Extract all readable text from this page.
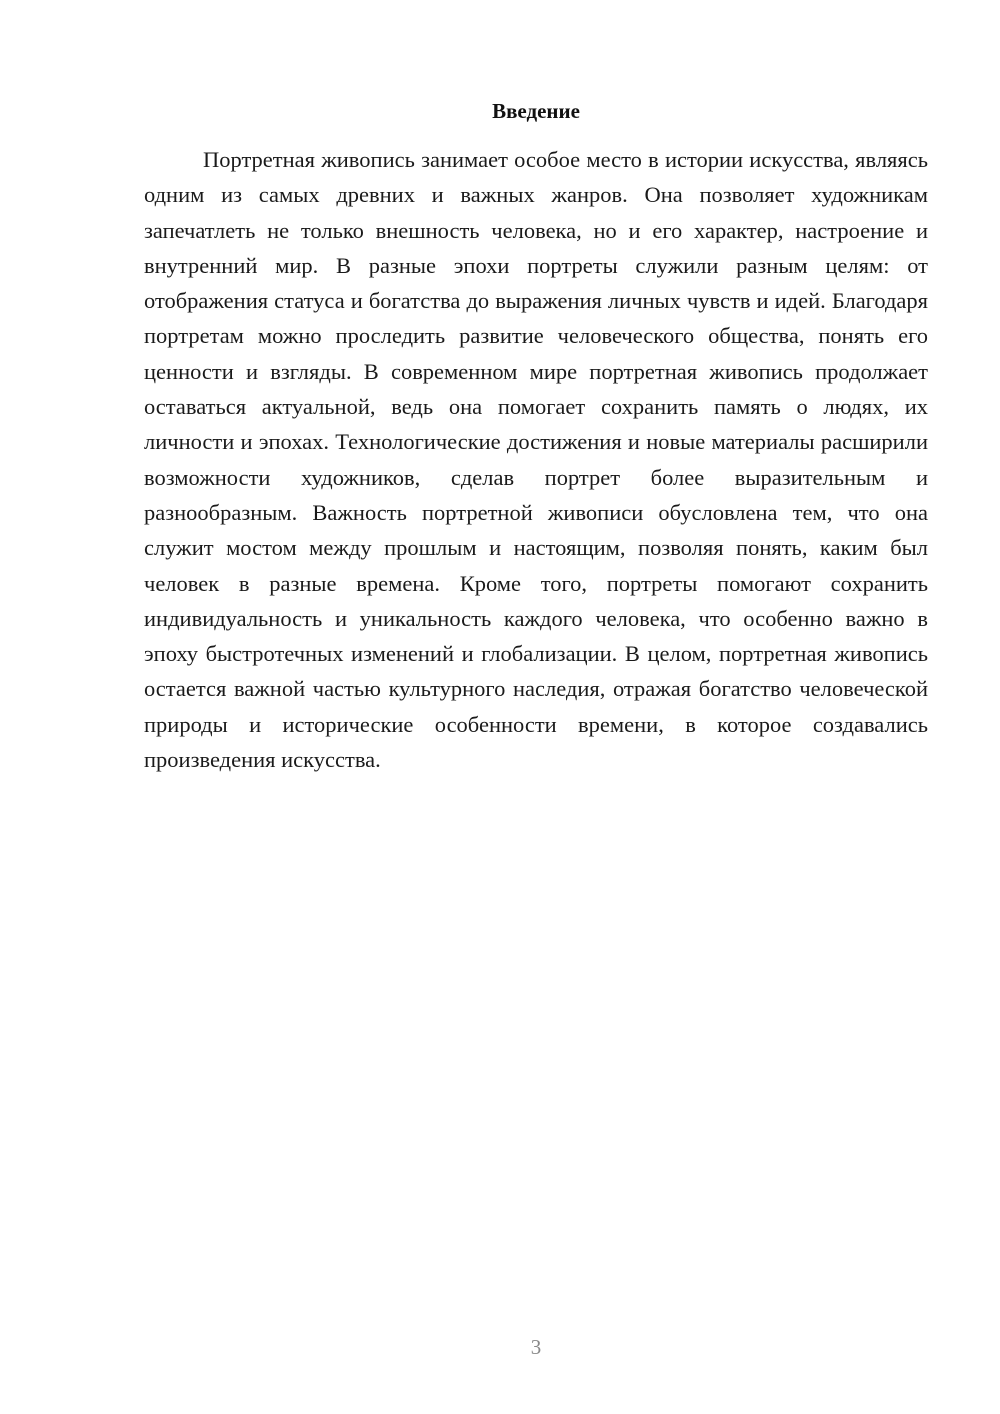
Введение

Портретная живопись занимает особое место в истории искусства, являясь одним из самых древних и важных жанров. Она позволяет художникам запечатлеть не только внешность человека, но и его характер, настроение и внутренний мир. В разные эпохи портреты служили разным целям: от отображения статуса и богатства до выражения личных чувств и идей. Благодаря портретам можно проследить развитие человеческого общества, понять его ценности и взгляды. В современном мире портретная живопись продолжает оставаться актуальной, ведь она помогает сохранить память о людях, их личности и эпохах. Технологические достижения и новые материалы расширили возможности художников, сделав портрет более выразительным и разнообразным. Важность портретной живописи обусловлена тем, что она служит мостом между прошлым и настоящим, позволяя понять, каким был человек в разные времена. Кроме того, портреты помогают сохранить индивидуальность и уникальность каждого человека, что особенно важно в эпоху быстротечных изменений и глобализации. В целом, портретная живопись остается важной частью культурного наследия, отражая богатство человеческой природы и исторические особенности времени, в которое создавались произведения искусства.

3
